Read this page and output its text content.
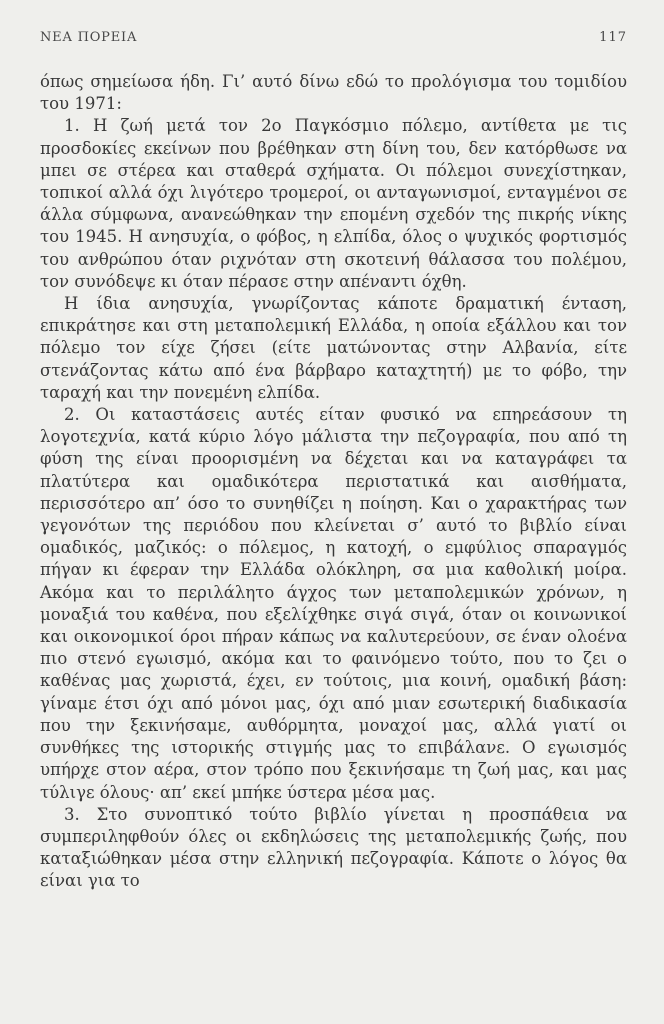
ΝΕΑ ΠΟΡΕΙΑ	117

όπως σημείωσα ήδη. Γι’ αυτό δίνω εδώ το προλόγισμα του τομιδίου του 1971:

1. Η ζωή μετά τον 2ο Παγκόσμιο πόλεμο, αντίθετα με τις προσδοκίες εκείνων που βρέθηκαν στη δίνη του, δεν κατόρθωσε να μπει σε στέρεα και σταθερά σχήματα. Οι πόλεμοι συνεχίστηκαν, τοπικοί αλλά όχι λιγότερο τρομεροί, οι ανταγωνισμοί, ενταγμένοι σε άλλα σύμφωνα, ανανεώθηκαν την επομένη σχεδόν της πικρής νίκης του 1945. Η ανησυχία, ο φόβος, η ελπίδα, όλος ο ψυχικός φορτισμός του ανθρώπου όταν ριχνόταν στη σκοτεινή θάλασσα του πολέμου, τον συνόδεψε κι όταν πέρασε στην απέναντι όχθη.

Η ίδια ανησυχία, γνωρίζοντας κάποτε δραματική ένταση, επικράτησε και στη μεταπολεμική Ελλάδα, η οποία εξάλλου και τον πόλεμο τον είχε ζήσει (είτε ματώνοντας στην Αλβανία, είτε στενάζοντας κάτω από ένα βάρβαρο καταχτητή) με το φόβο, την ταραχή και την πονεμένη ελπίδα.

2. Οι καταστάσεις αυτές είταν φυσικό να επηρεάσουν τη λογοτεχνία, κατά κύριο λόγο μάλιστα την πεζογραφία, που από τη φύση της είναι προορισμένη να δέχεται και να καταγράφει τα πλατύτερα και ομαδικότερα περιστατικά και αισθήματα, περισσότερο απ’ όσο το συνηθίζει η ποίηση. Και ο χαρακτήρας των γεγονότων της περιόδου που κλείνεται σ’ αυτό το βιβλίο είναι ομαδικός, μαζικός: ο πόλεμος, η κατοχή, ο εμφύλιος σπαραγμός πήγαν κι έφεραν την Ελλάδα ολόκληρη, σα μια καθολική μοίρα. Ακόμα και το περιλάλητο άγχος των μεταπολεμικών χρόνων, η μοναξιά του καθένα, που εξελίχθηκε σιγά σιγά, όταν οι κοινωνικοί και οικονομικοί όροι πήραν κάπως να καλυτερεύουν, σε έναν ολοένα πιο στενό εγωισμό, ακόμα και το φαινόμενο τούτο, που το ζει ο καθένας μας χωριστά, έχει, εν τούτοις, μια κοινή, ομαδική βάση: γίναμε έτσι όχι από μόνοι μας, όχι από μιαν εσωτερική διαδικασία που την ξεκινήσαμε, αυθόρμητα, μοναχοί μας, αλλά γιατί οι συνθήκες της ιστορικής στιγμής μας το επιβάλανε. Ο εγωισμός υπήρχε στον αέρα, στον τρόπο που ξεκινήσαμε τη ζωή μας, και μας τύλιγε όλους· απ’ εκεί μπήκε ύστερα μέσα μας.

3. Στο συνοπτικό τούτο βιβλίο γίνεται η προσπάθεια να συμπεριληφθούν όλες οι εκδηλώσεις της μεταπολεμικής ζωής, που καταξιώθηκαν μέσα στην ελληνική πεζογραφία. Κάποτε ο λόγος θα είναι για το
